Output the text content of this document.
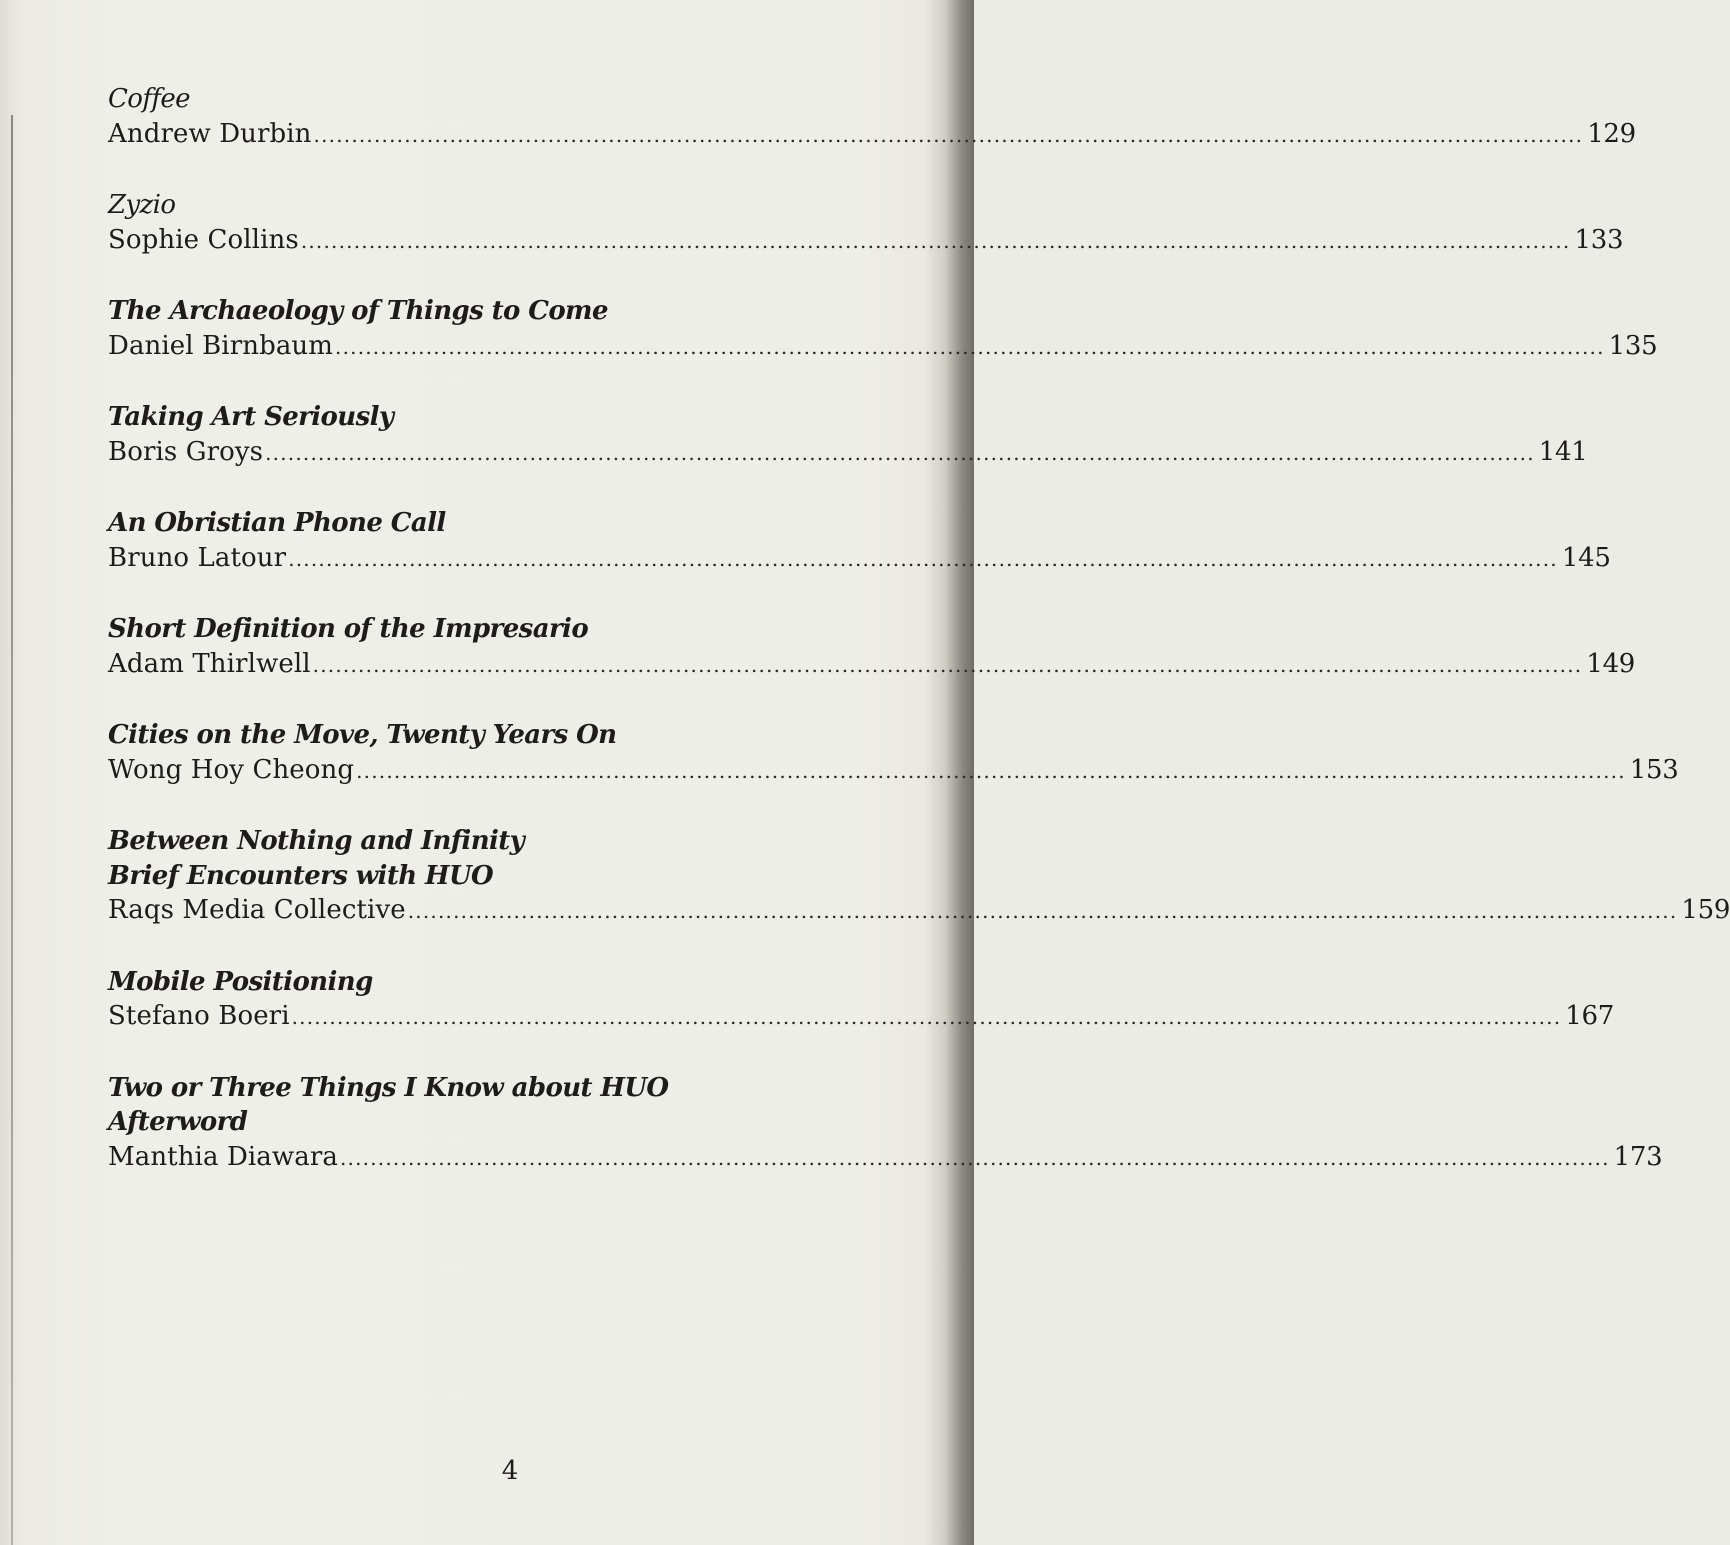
Coffee
Andrew Durbin ........................................................................................................................................................................ 129
Zyzio
Sophie Collins ........................................................................................................................................................................ 133
The Archaeology of Things to Come
Daniel Birnbaum ........................................................................................................................................................................ 135
Taking Art Seriously
Boris Groys ........................................................................................................................................................................ 141
An Obristian Phone Call
Bruno Latour ........................................................................................................................................................................ 145
Short Definition of the Impresario
Adam Thirlwell ........................................................................................................................................................................ 149
Cities on the Move, Twenty Years On
Wong Hoy Cheong ........................................................................................................................................................................ 153
Between Nothing and Infinity
Brief Encounters with HUO
Raqs Media Collective ........................................................................................................................................................................ 159
Mobile Positioning
Stefano Boeri ........................................................................................................................................................................ 167
Two or Three Things I Know about HUO
Afterword
Manthia Diawara ........................................................................................................................................................................ 173
4
